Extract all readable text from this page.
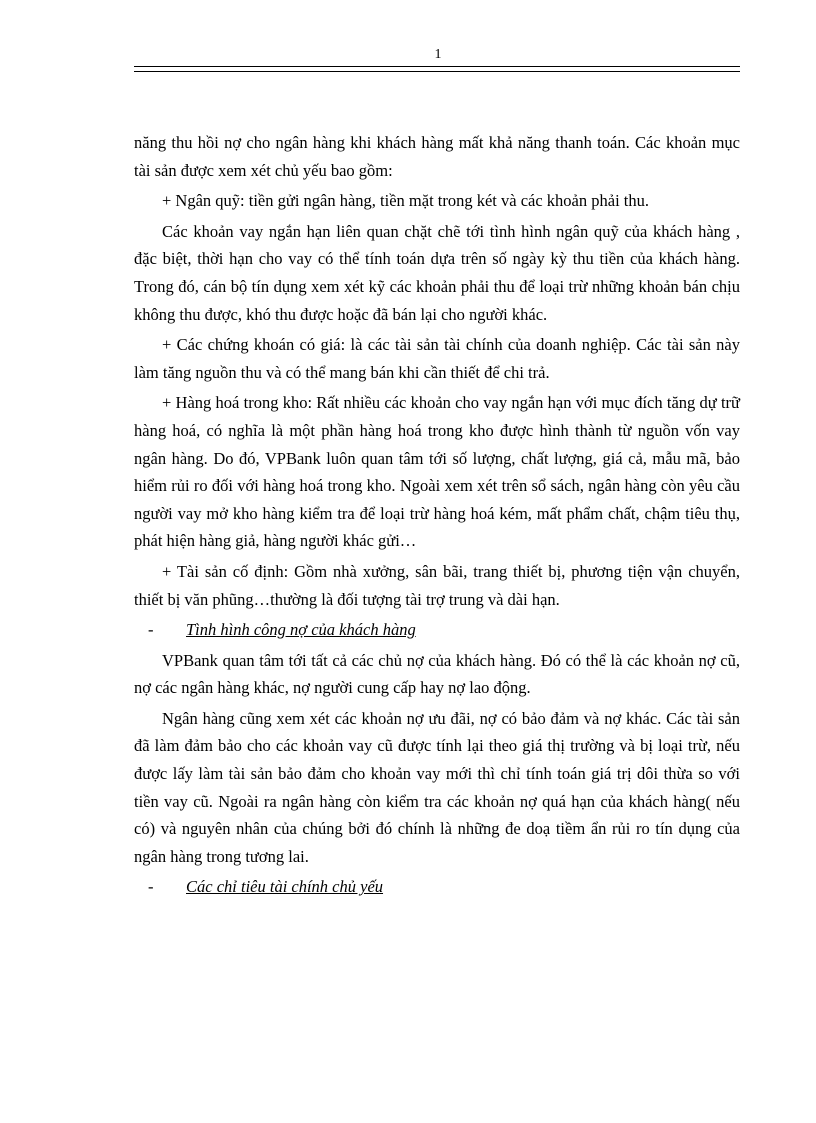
1

năng thu hồi nợ cho ngân hàng khi khách hàng mất khả năng thanh toán. Các khoản mục tài sản được xem xét chủ yếu bao gồm:

+ Ngân quỹ: tiền gửi ngân hàng, tiền mặt trong két và các khoản phải thu.

Các khoản vay ngắn hạn liên quan chặt chẽ tới tình hình ngân quỹ của khách hàng , đặc biệt, thời hạn cho vay có thể tính toán dựa trên số ngày kỳ thu tiền của khách hàng. Trong đó, cán bộ tín dụng xem xét kỹ các khoản phải thu để loại trừ những khoản bán chịu không thu được, khó thu được hoặc đã bán lại cho người khác.

+ Các chứng khoán có giá: là các tài sản tài chính của doanh nghiệp. Các tài sản này làm tăng nguồn thu và có thể mang bán khi cần thiết để chi trả.

+ Hàng hoá trong kho: Rất nhiều các khoản cho vay ngắn hạn với mục đích tăng dự trữ hàng hoá, có nghĩa là một phần hàng hoá trong kho được hình thành từ nguồn vốn vay ngân hàng. Do đó, VPBank luôn quan tâm tới số lượng, chất lượng, giá cả, mẫu mã, bảo hiểm rủi ro đối với hàng hoá trong kho. Ngoài xem xét trên sổ sách, ngân hàng còn yêu cầu người vay mở kho hàng kiểm tra để loại trừ hàng hoá kém, mất phẩm chất, chậm tiêu thụ, phát hiện hàng giả, hàng người khác gửi…

+ Tài sản cố định: Gồm nhà xưởng, sân bãi, trang thiết bị, phương tiện vận chuyển, thiết bị văn phũng…thường là đối tượng tài trợ trung và dài hạn.

-	Tình hình công nợ của khách hàng

VPBank quan tâm tới tất cả các chủ nợ của khách hàng. Đó có thể là các khoản nợ cũ, nợ các ngân hàng khác, nợ người cung cấp hay nợ lao động.

Ngân hàng cũng xem xét các khoản nợ ưu đãi, nợ có bảo đảm và nợ khác. Các tài sản đã làm đảm bảo cho các khoản vay cũ được tính lại theo giá thị trường và bị loại trừ, nếu được lấy làm tài sản bảo đảm cho khoản vay mới thì chỉ tính toán giá trị dôi thừa so với tiền vay cũ. Ngoài ra ngân hàng còn kiểm tra các khoản nợ quá hạn của khách hàng( nếu có) và nguyên nhân của chúng bởi đó chính là những đe doạ tiềm ẩn rủi ro tín dụng của ngân hàng trong tương lai.

-	Các chỉ tiêu tài chính chủ yếu
